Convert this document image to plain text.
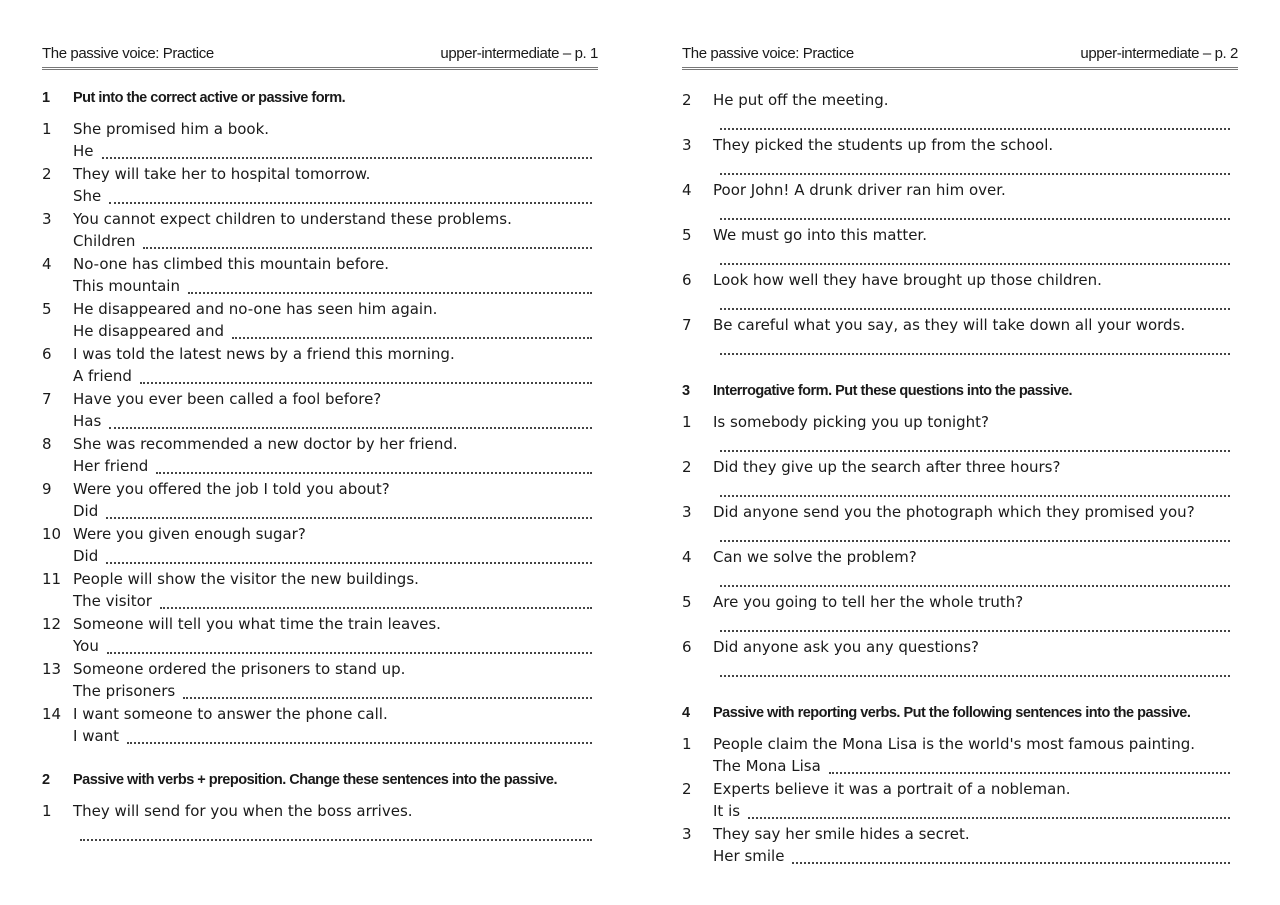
The passive voice: Practice	upper-intermediate – p. 1
1 Put into the correct active or passive form.
1 She promised him a book.
He
2 They will take her to hospital tomorrow.
She
3 You cannot expect children to understand these problems.
Children
4 No-one has climbed this mountain before.
This mountain
5 He disappeared and no-one has seen him again.
He disappeared and
6 I was told the latest news by a friend this morning.
A friend
7 Have you ever been called a fool before?
Has
8 She was recommended a new doctor by her friend.
Her friend
9 Were you offered the job I told you about?
Did
10 Were you given enough sugar?
Did
11 People will show the visitor the new buildings.
The visitor
12 Someone will tell you what time the train leaves.
You
13 Someone ordered the prisoners to stand up.
The prisoners
14 I want someone to answer the phone call.
I want
2 Passive with verbs + preposition. Change these sentences into the passive.
1 They will send for you when the boss arrives.
The passive voice: Practice	upper-intermediate – p. 2
2 He put off the meeting.
3 They picked the students up from the school.
4 Poor John! A drunk driver ran him over.
5 We must go into this matter.
6 Look how well they have brought up those children.
7 Be careful what you say, as they will take down all your words.
3 Interrogative form. Put these questions into the passive.
1 Is somebody picking you up tonight?
2 Did they give up the search after three hours?
3 Did anyone send you the photograph which they promised you?
4 Can we solve the problem?
5 Are you going to tell her the whole truth?
6 Did anyone ask you any questions?
4 Passive with reporting verbs. Put the following sentences into the passive.
1 People claim the Mona Lisa is the world's most famous painting.
The Mona Lisa
2 Experts believe it was a portrait of a nobleman.
It is
3 They say her smile hides a secret.
Her smile
